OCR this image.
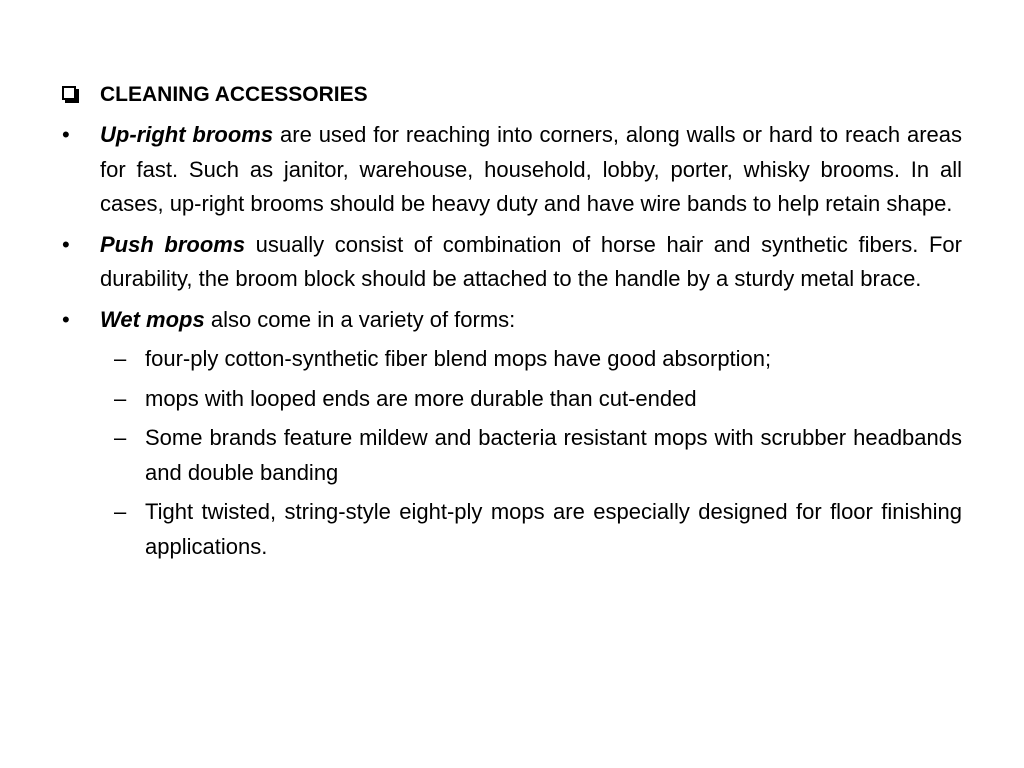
CLEANING ACCESSORIES
• Up-right brooms are used for reaching into corners, along walls or hard to reach areas for fast. Such as janitor, warehouse, household, lobby, porter, whisky brooms. In all cases, up-right brooms should be heavy duty and have wire bands to help retain shape.
• Push brooms usually consist of combination of horse hair and synthetic fibers. For durability, the broom block should be attached to the handle by a sturdy metal brace.
• Wet mops also come in a variety of forms:
– four-ply cotton-synthetic fiber blend mops have good absorption;
– mops with looped ends are more durable than cut-ended
– Some brands feature mildew and bacteria resistant mops with scrubber headbands and double banding
– Tight twisted, string-style eight-ply mops are especially designed for floor finishing applications.
